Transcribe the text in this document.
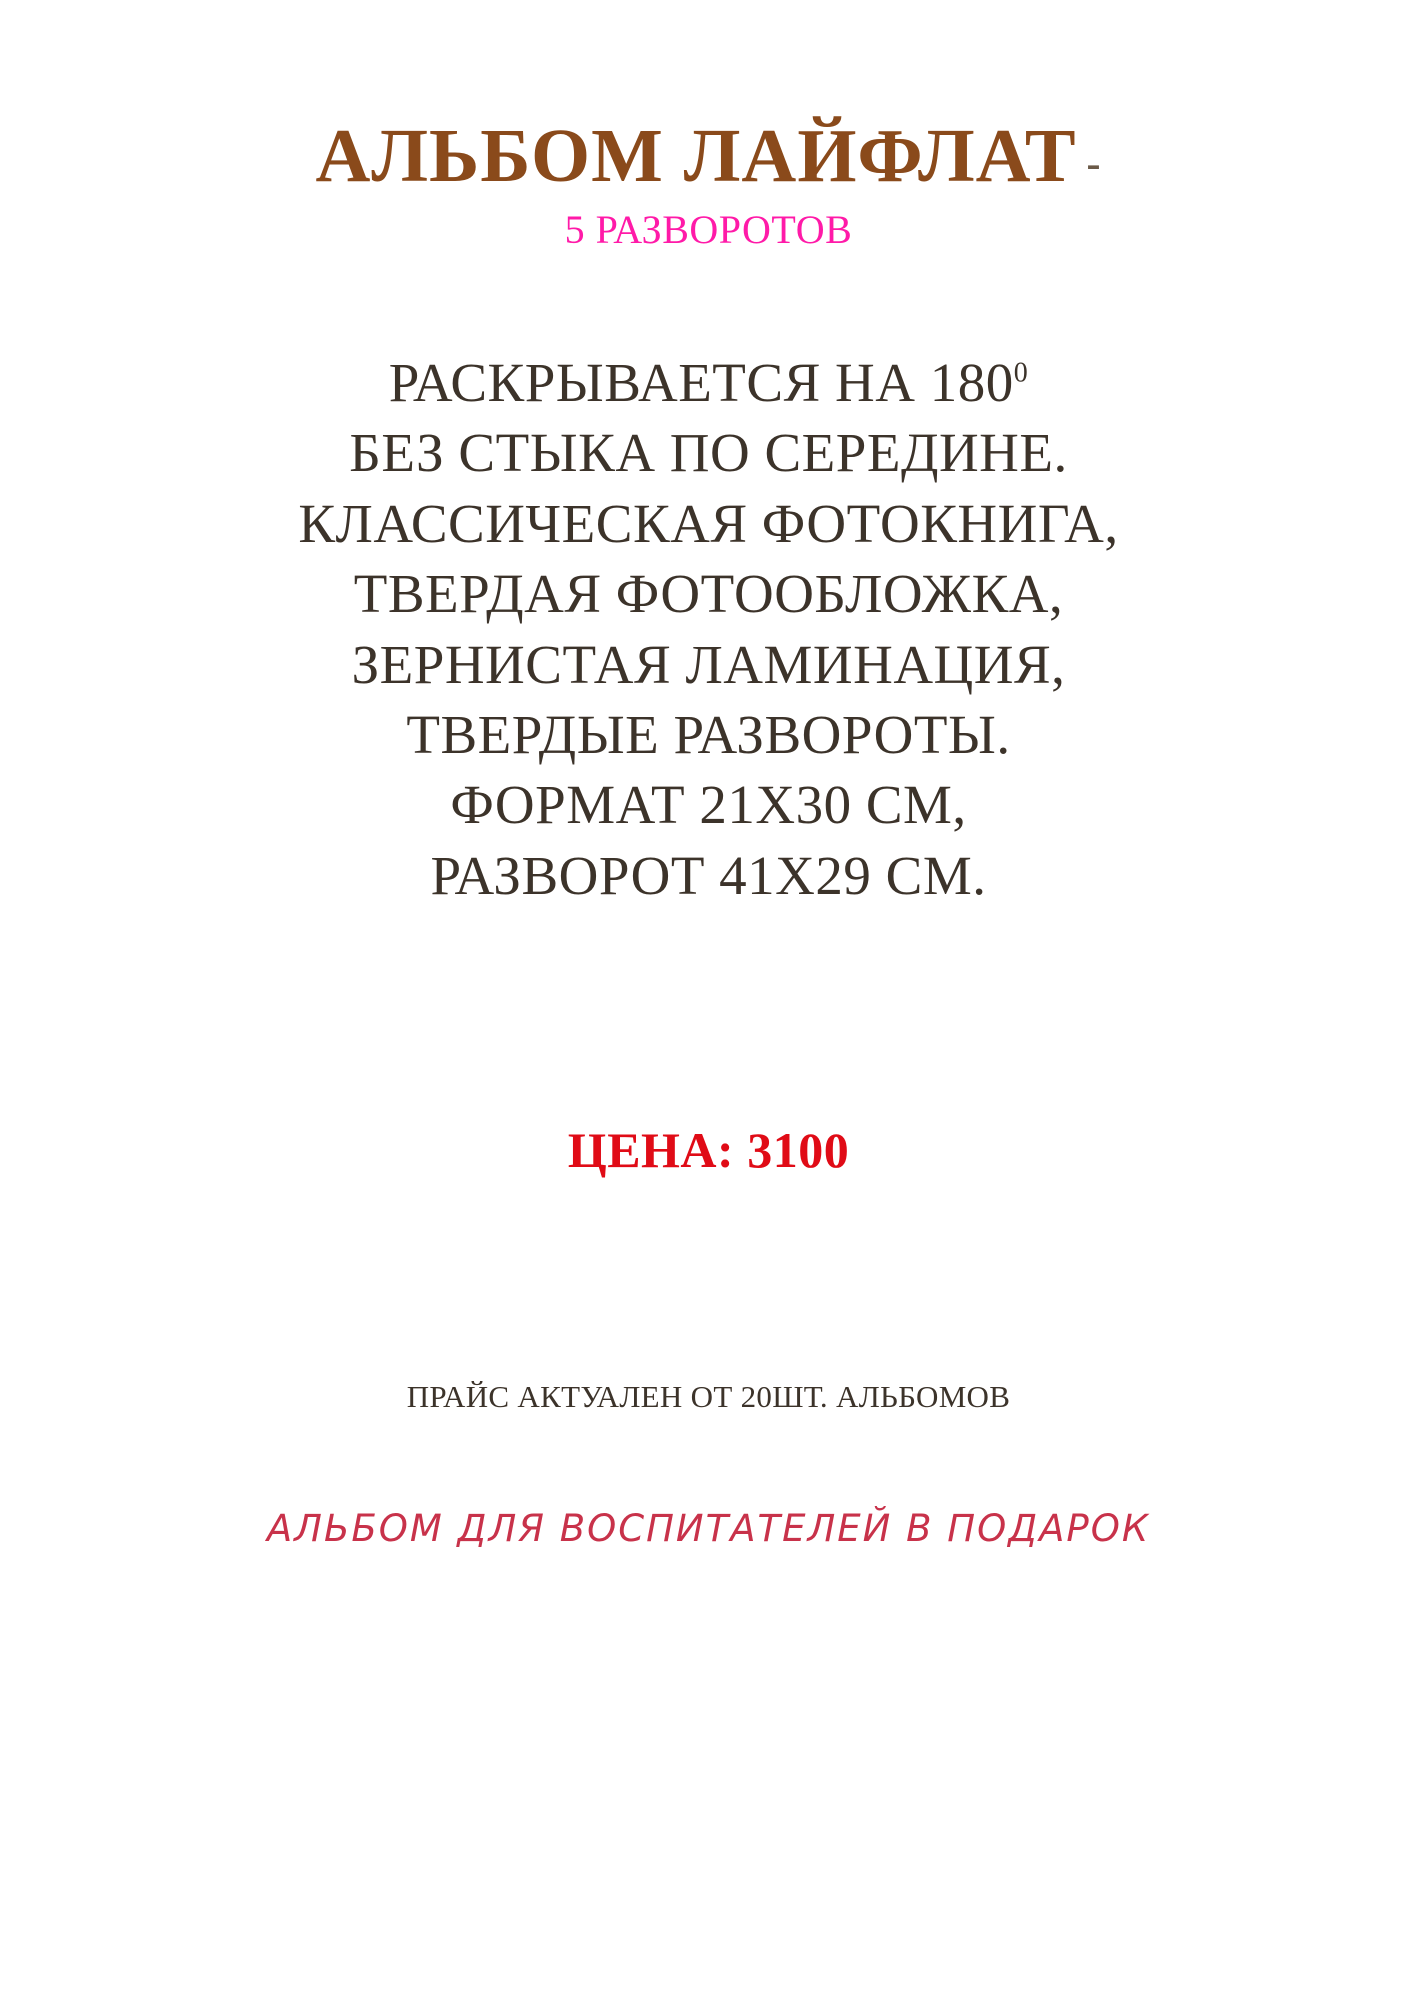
АЛЬБОМ ЛАЙФЛАТ -
5 РАЗВОРОТОВ
РАСКРЫВАЕТСЯ НА $180^0$
БЕЗ СТЫКА ПО СЕРЕДИНЕ.
КЛАССИЧЕСКАЯ ФОТОКНИГА,
ТВЕРДАЯ ФОТООБЛОЖКА,
ЗЕРНИСТАЯ ЛАМИНАЦИЯ,
ТВЕРДЫЕ РАЗВОРОТЫ.
ФОРМАТ 21Х30 СМ,
РАЗВОРОТ 41Х29 СМ.
ЦЕНА: 3100
ПРАЙС АКТУАЛЕН ОТ 20ШТ. АЛЬБОМОВ
АЛЬБОМ ДЛЯ ВОСПИТАТЕЛЕЙ В ПОДАРОК
